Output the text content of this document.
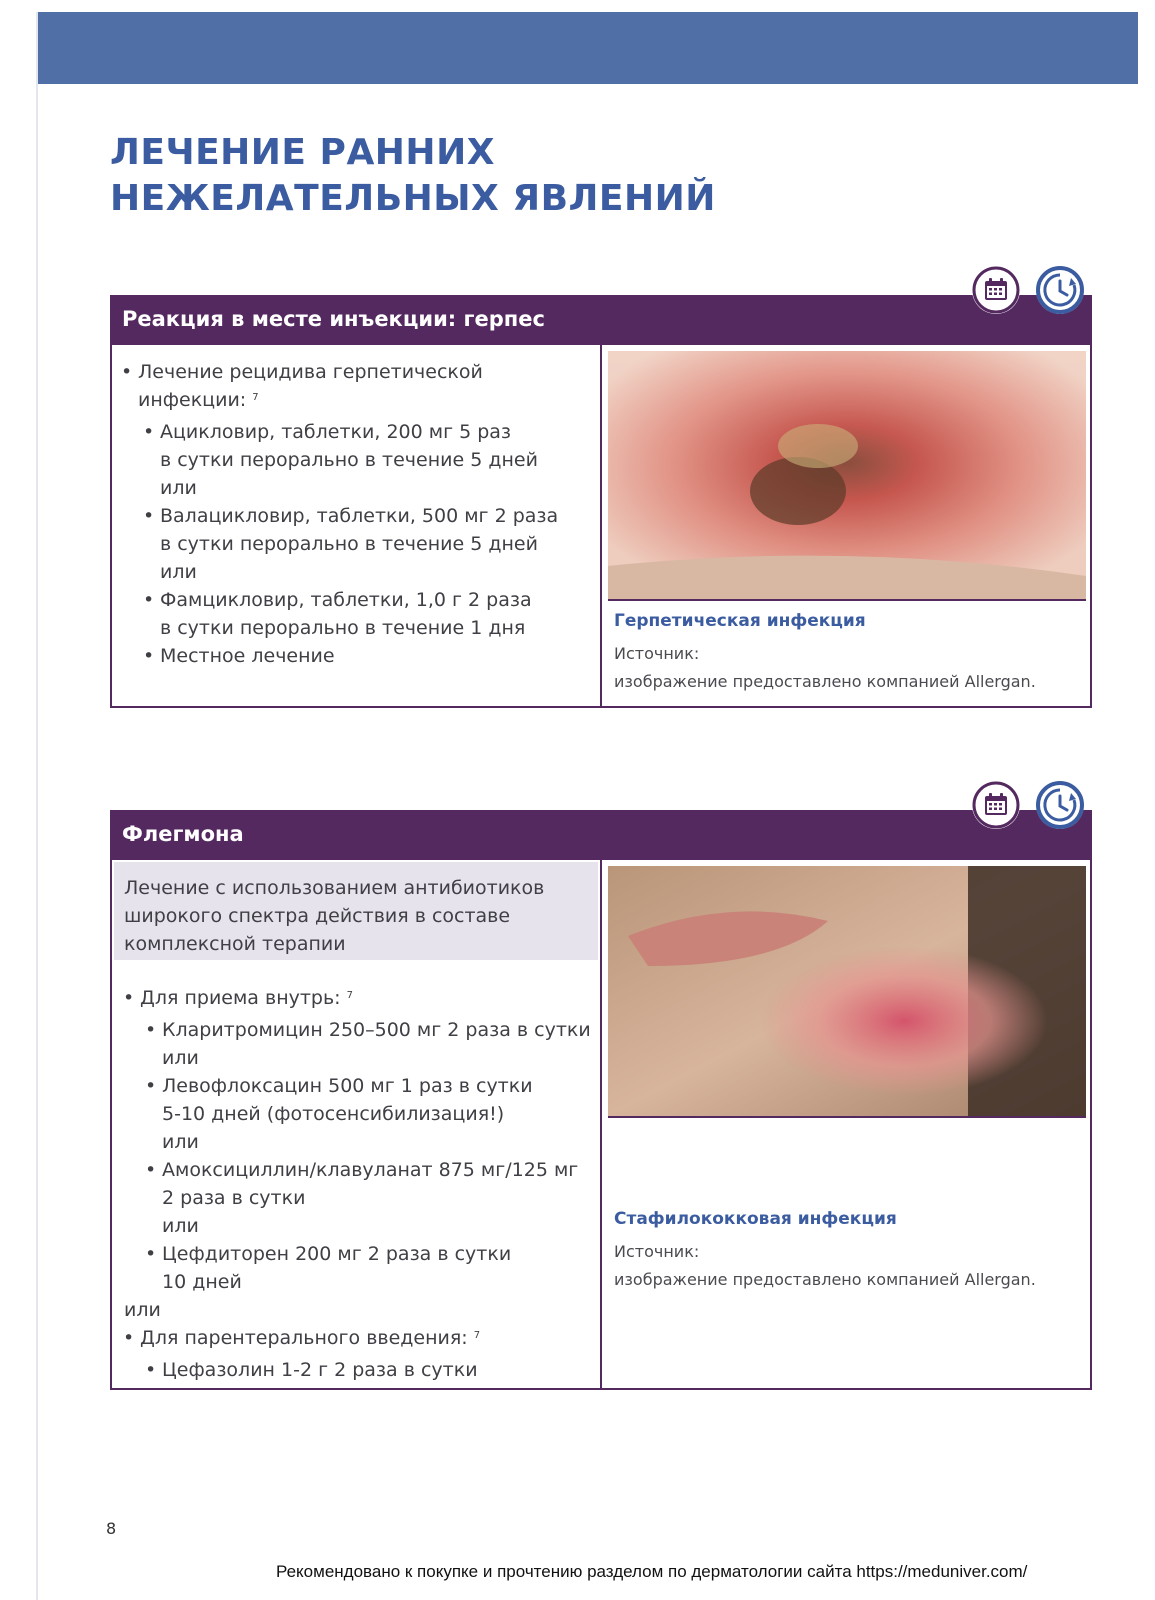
ЛЕЧЕНИЕ РАННИХ
НЕЖЕЛАТЕЛЬНЫХ ЯВЛЕНИЙ
Реакция в месте инъекции: герпес
• Лечение рецидива герпетической
инфекции: $^7$
• Ацикловир, таблетки, 200 мг 5 раз
в сутки перорально в течение 5 дней
или
• Валацикловир, таблетки, 500 мг 2 раза
в сутки перорально в течение 5 дней
или
• Фамцикловир, таблетки, 1,0 г 2 раза
в сутки перорально в течение 1 дня
• Местное лечение
Герпетическая инфекция
Источник:
изображение предоставлено компанией Allergan.
Флегмона
Лечение с использованием антибиотиков
широкого спектра действия в составе
комплексной терапии
• Для приема внутрь: $^7$
• Кларитромицин 250–500 мг 2 раза в сутки
или
• Левофлоксацин 500 мг 1 раз в сутки
5-10 дней (фотосенсибилизация!)
или
• Амоксициллин/клавуланат 875 мг/125 мг
2 раза в сутки
или
• Цефдиторен 200 мг 2 раза в сутки
10 дней
или
• Для парентерального введения: $^7$
• Цефазолин 1-2 г 2 раза в сутки
Стафилококковая инфекция
Источник:
изображение предоставлено компанией Allergan.
8
Рекомендовано к покупке и прочтению разделом по дерматологии сайта https://meduniver.com/
